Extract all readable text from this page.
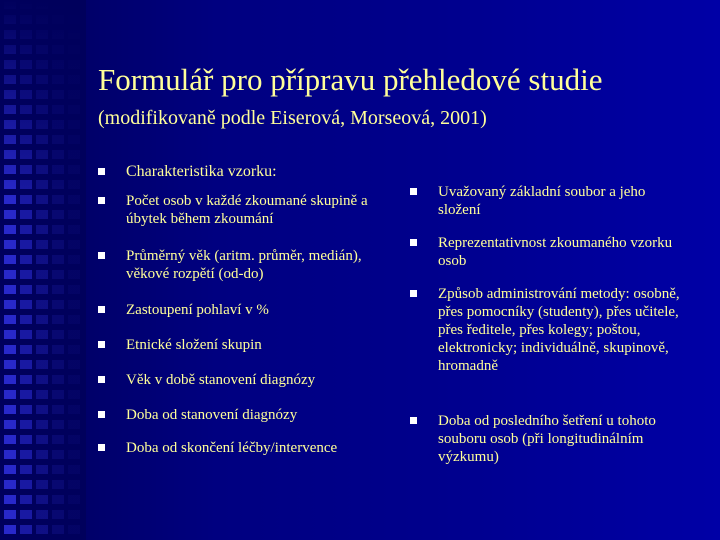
Formulář pro přípravu přehledové studie
(modifikovaně podle Eiserová, Morseová, 2001)
Charakteristika vzorku:
Počet osob v každé zkoumané skupině a úbytek během zkoumání
Průměrný věk (aritm. průměr, medián), věkové rozpětí (od-do)
Zastoupení pohlaví v %
Etnické složení skupin
Věk v době stanovení diagnózy
Doba od stanovení diagnózy
Doba od skončení léčby/intervence
Uvažovaný základní soubor a jeho složení
Reprezentativnost zkoumaného vzorku osob
Způsob administrování metody: osobně, přes pomocníky (studenty), přes učitele, přes ředitele, přes kolegy; poštou, elektronicky; individuálně, skupinově, hromadně
Doba od posledního šetření u tohoto souboru osob (při longitudinálním výzkumu)
